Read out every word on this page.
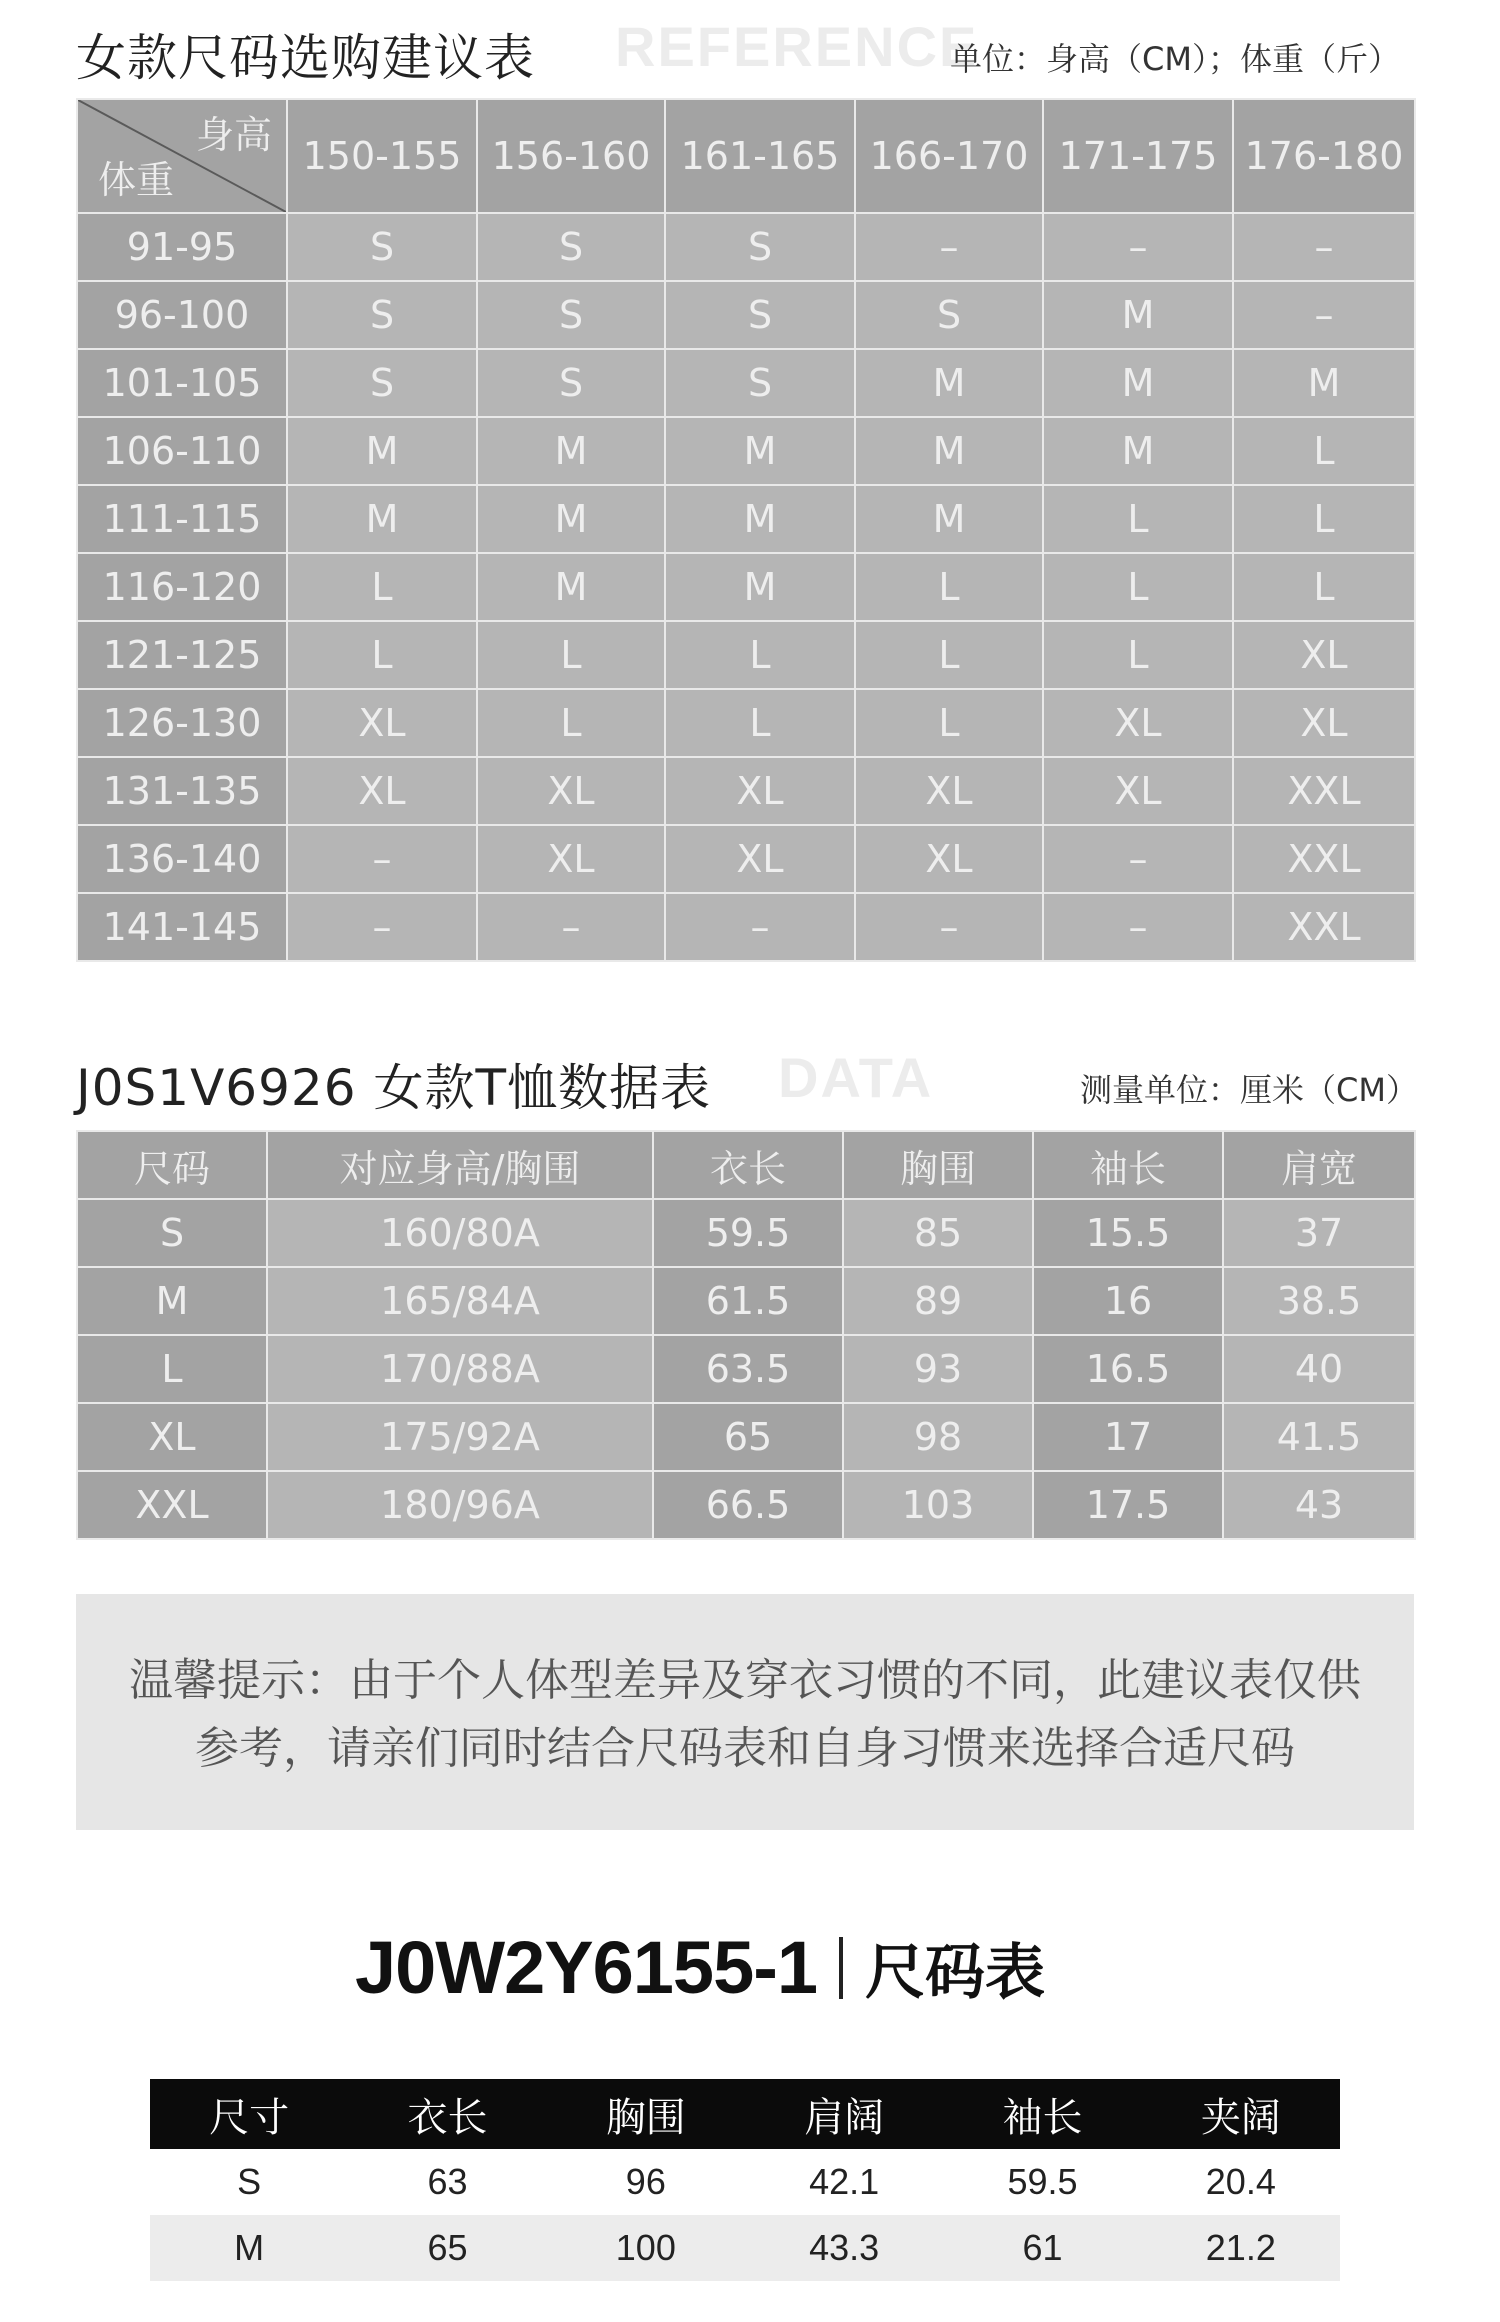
REFERENCE
女款尺码选购建议表	单位：身高（CM）；体重（斤）
身高
体重	150-155	156-160	161-165	166-170	171-175	176-180
91-95	S	S	S	–	–	–
96-100	S	S	S	S	M	–
101-105	S	S	S	M	M	M
106-110	M	M	M	M	M	L
111-115	M	M	M	M	L	L
116-120	L	M	M	L	L	L
121-125	L	L	L	L	L	XL
126-130	XL	L	L	L	XL	XL
131-135	XL	XL	XL	XL	XL	XXL
136-140	–	XL	XL	XL	–	XXL
141-145	–	–	–	–	–	XXL
DATA
J0S1V6926 女款T恤数据表	测量单位：厘米（CM）
尺码	对应身高/胸围	衣长	胸围	袖长	肩宽
S	160/80A	59.5	85	15.5	37
M	165/84A	61.5	89	16	38.5
L	170/88A	63.5	93	16.5	40
XL	175/92A	65	98	17	41.5
XXL	180/96A	66.5	103	17.5	43
温馨提示：由于个人体型差异及穿衣习惯的不同，此建议表仅供
参考，请亲们同时结合尺码表和自身习惯来选择合适尺码
J0W2Y6155-1 尺码表
尺寸	衣长	胸围	肩阔	袖长	夹阔
S	63	96	42.1	59.5	20.4
M	65	100	43.3	61	21.2
